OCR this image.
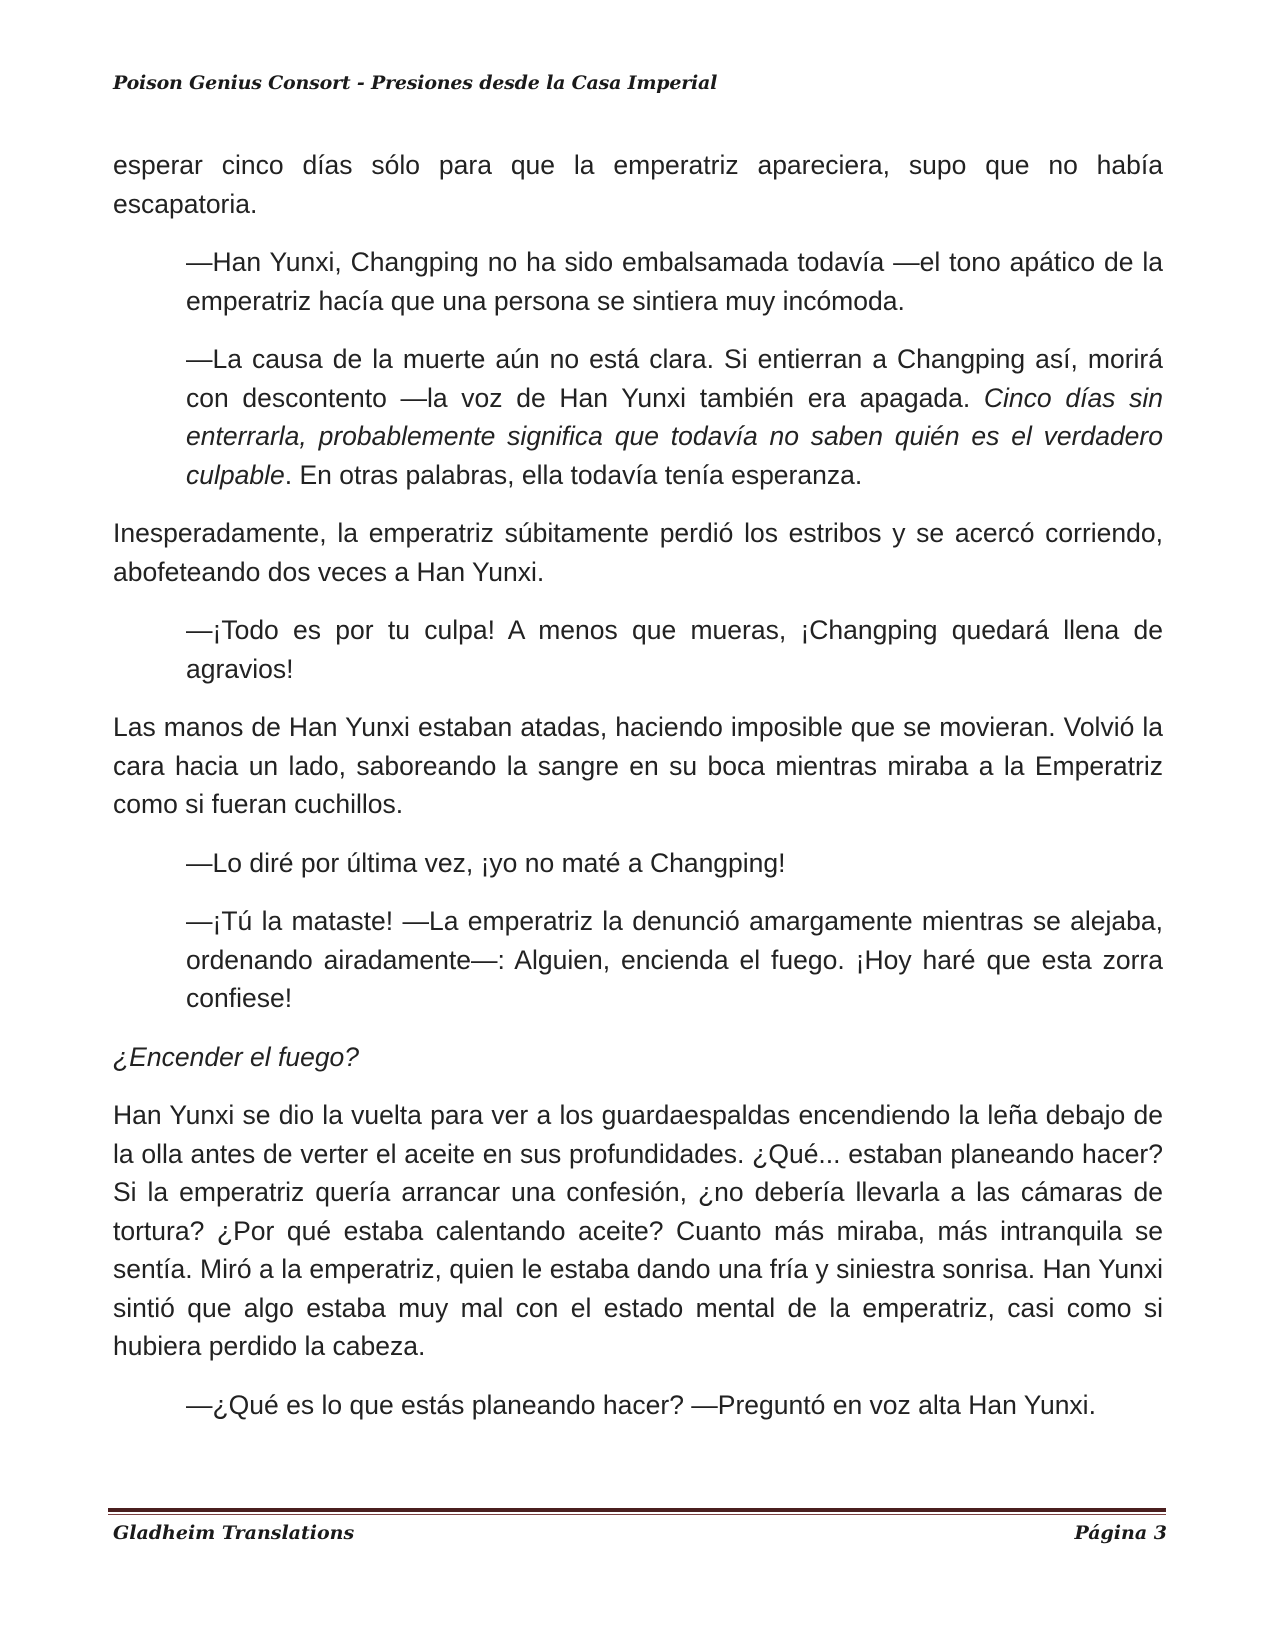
Poison Genius Consort - Presiones desde la Casa Imperial

esperar cinco días sólo para que la emperatriz apareciera, supo que no había escapatoria.

—Han Yunxi, Changping no ha sido embalsamada todavía —el tono apático de la emperatriz hacía que una persona se sintiera muy incómoda.

—La causa de la muerte aún no está clara. Si entierran a Changping así, morirá con descontento —la voz de Han Yunxi también era apagada. Cinco días sin enterrarla, probablemente significa que todavía no saben quién es el verdadero culpable. En otras palabras, ella todavía tenía esperanza.

Inesperadamente, la emperatriz súbitamente perdió los estribos y se acercó corriendo, abofeteando dos veces a Han Yunxi.

—¡Todo es por tu culpa! A menos que mueras, ¡Changping quedará llena de agravios!

Las manos de Han Yunxi estaban atadas, haciendo imposible que se movieran. Volvió la cara hacia un lado, saboreando la sangre en su boca mientras miraba a la Emperatriz como si fueran cuchillos.

—Lo diré por última vez, ¡yo no maté a Changping!

—¡Tú la mataste! —La emperatriz la denunció amargamente mientras se alejaba, ordenando airadamente—: Alguien, encienda el fuego. ¡Hoy haré que esta zorra confiese!

¿Encender el fuego?

Han Yunxi se dio la vuelta para ver a los guardaespaldas encendiendo la leña debajo de la olla antes de verter el aceite en sus profundidades. ¿Qué... estaban planeando hacer? Si la emperatriz quería arrancar una confesión, ¿no debería llevarla a las cámaras de tortura? ¿Por qué estaba calentando aceite? Cuanto más miraba, más intranquila se sentía. Miró a la emperatriz, quien le estaba dando una fría y siniestra sonrisa. Han Yunxi sintió que algo estaba muy mal con el estado mental de la emperatriz, casi como si hubiera perdido la cabeza.

—¿Qué es lo que estás planeando hacer? —Preguntó en voz alta Han Yunxi.

Gladheim Translations	Página 3
